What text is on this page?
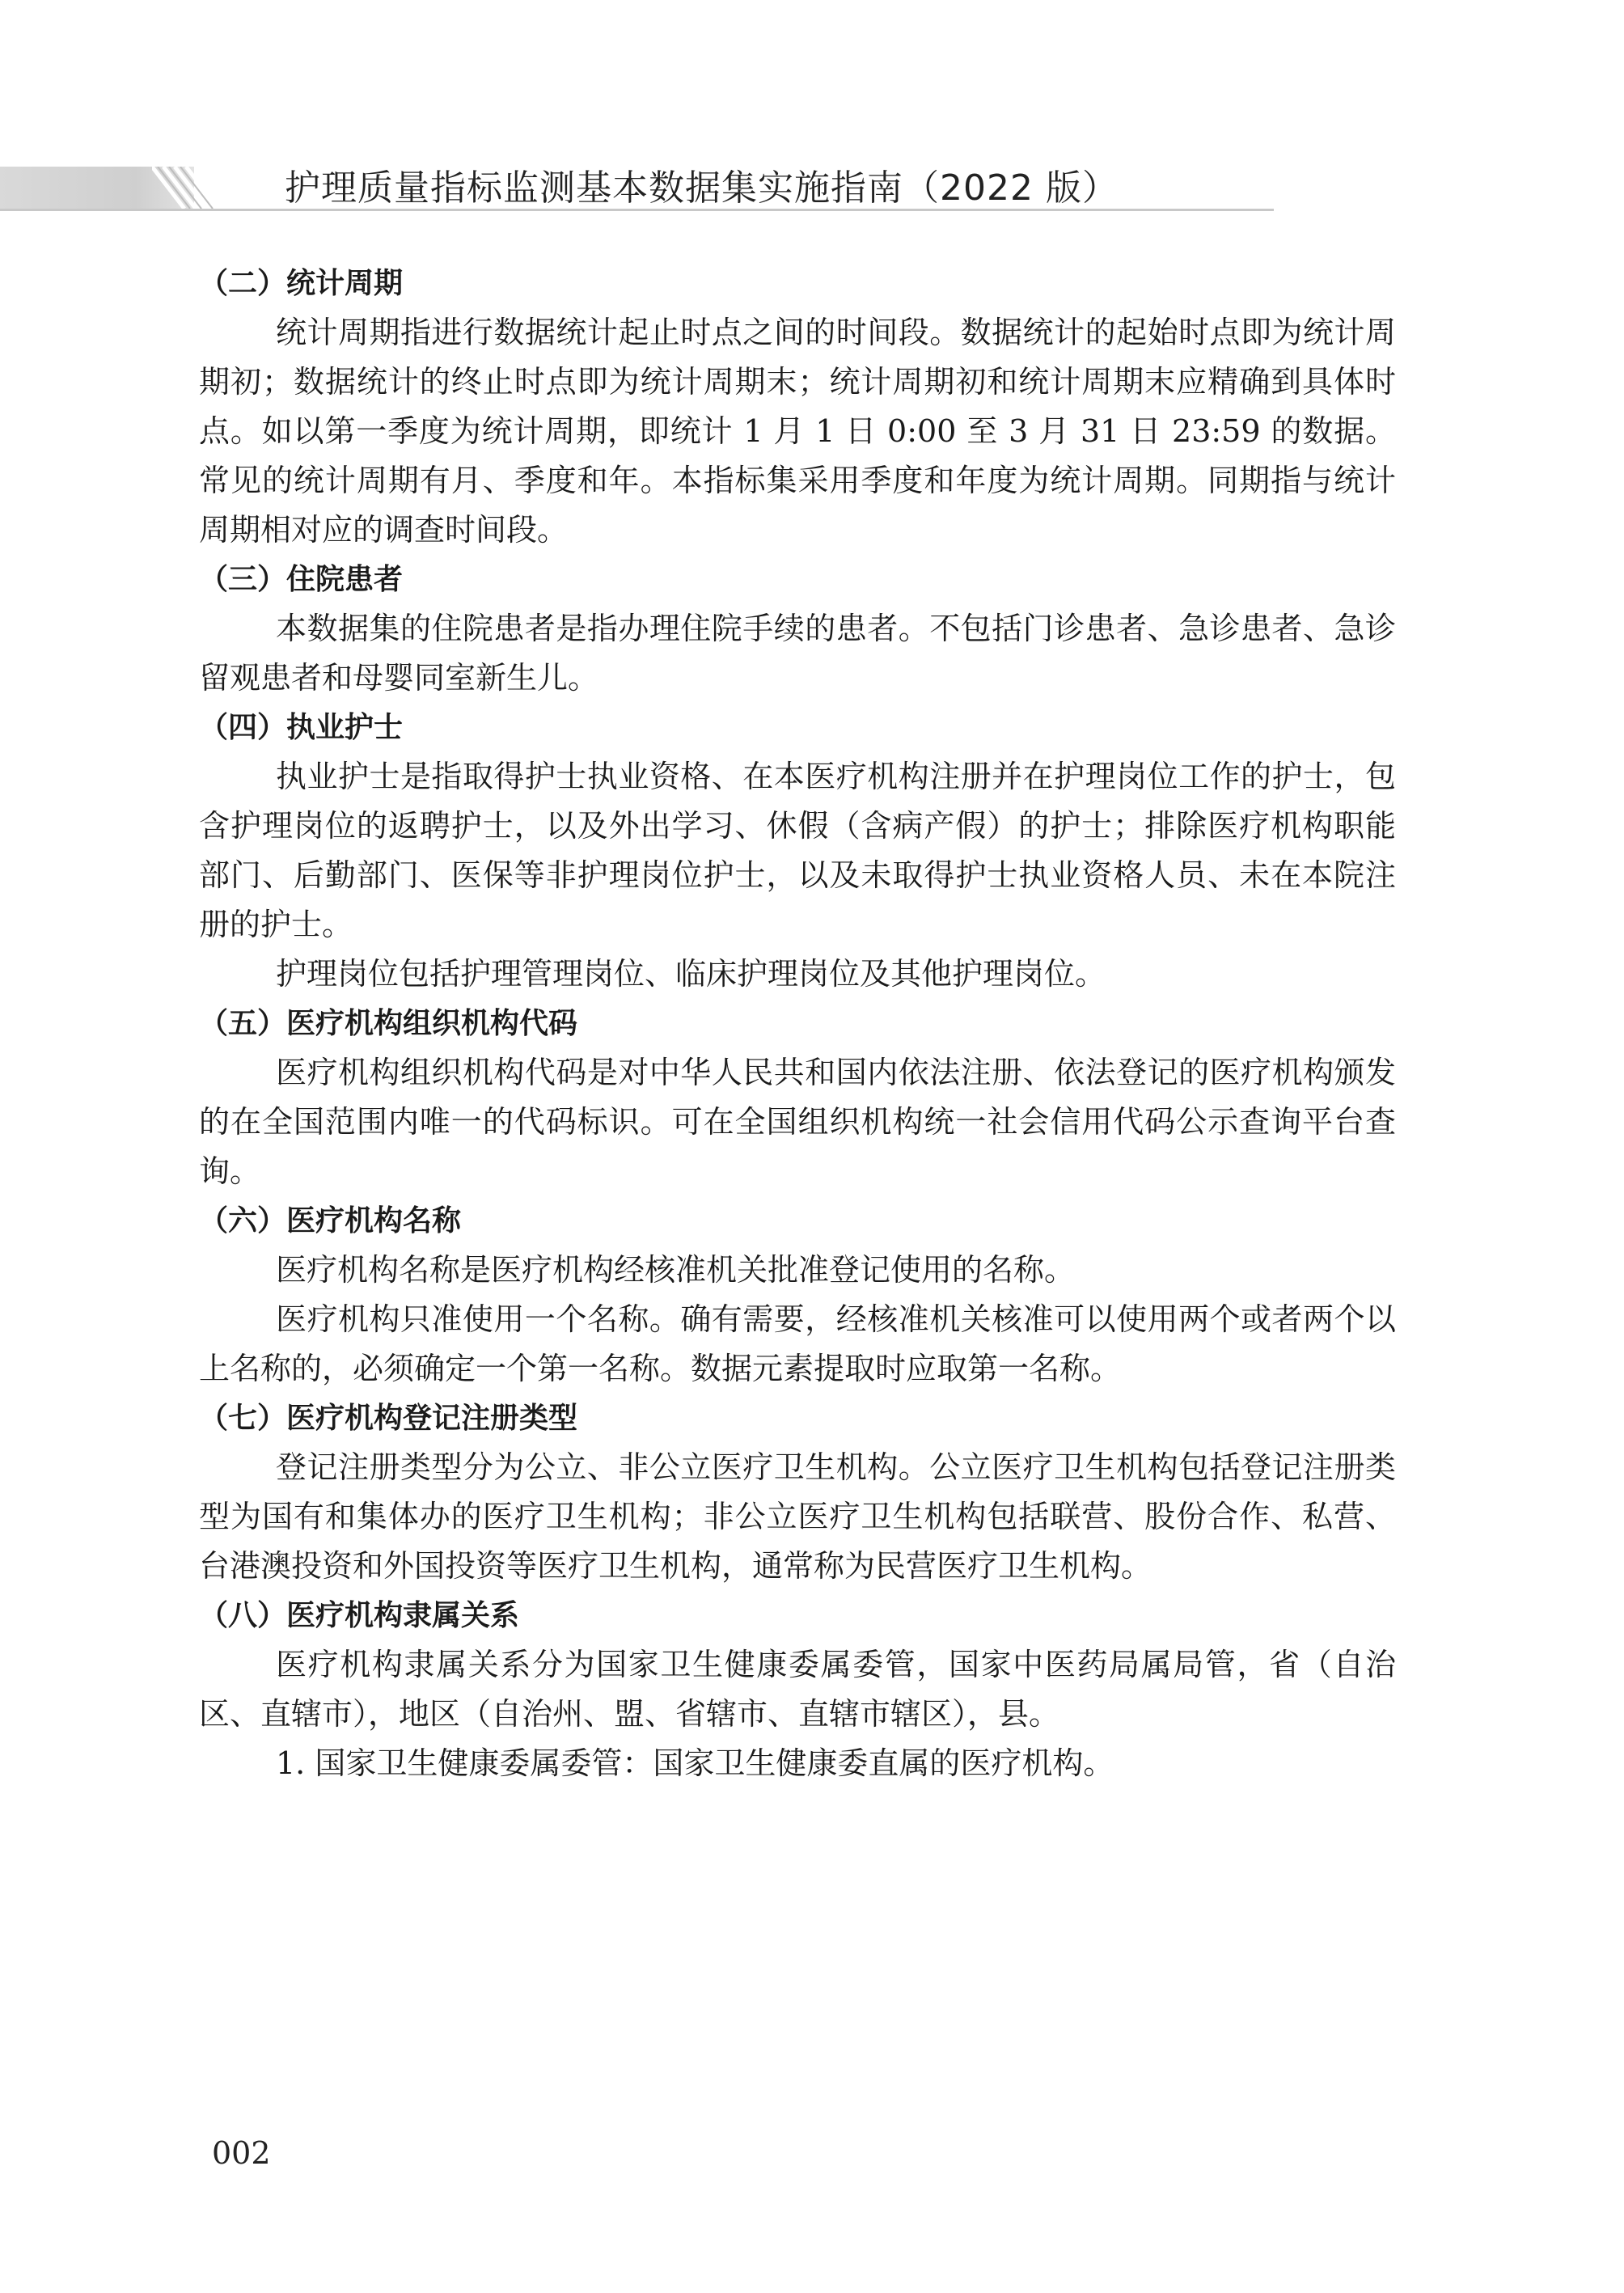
护理质量指标监测基本数据集实施指南（2022 版）
（二）统计周期

统计周期指进行数据统计起止时点之间的时间段。数据统计的起始时点即为统计周期初；数据统计的终止时点即为统计周期末；统计周期初和统计周期末应精确到具体时点。如以第一季度为统计周期，即统计 1 月 1 日 0:00 至 3 月 31 日 23:59 的数据。常见的统计周期有月、季度和年。本指标集采用季度和年度为统计周期。同期指与统计周期相对应的调查时间段。

（三）住院患者

本数据集的住院患者是指办理住院手续的患者。不包括门诊患者、急诊患者、急诊留观患者和母婴同室新生儿。

（四）执业护士

执业护士是指取得护士执业资格、在本医疗机构注册并在护理岗位工作的护士，包含护理岗位的返聘护士，以及外出学习、休假（含病产假）的护士；排除医疗机构职能部门、后勤部门、医保等非护理岗位护士，以及未取得护士执业资格人员、未在本院注册的护士。

护理岗位包括护理管理岗位、临床护理岗位及其他护理岗位。

（五）医疗机构组织机构代码

医疗机构组织机构代码是对中华人民共和国内依法注册、依法登记的医疗机构颁发的在全国范围内唯一的代码标识。可在全国组织机构统一社会信用代码公示查询平台查询。

（六）医疗机构名称

医疗机构名称是医疗机构经核准机关批准登记使用的名称。

医疗机构只准使用一个名称。确有需要，经核准机关核准可以使用两个或者两个以上名称的，必须确定一个第一名称。数据元素提取时应取第一名称。

（七）医疗机构登记注册类型

登记注册类型分为公立、非公立医疗卫生机构。公立医疗卫生机构包括登记注册类型为国有和集体办的医疗卫生机构；非公立医疗卫生机构包括联营、股份合作、私营、台港澳投资和外国投资等医疗卫生机构，通常称为民营医疗卫生机构。

（八）医疗机构隶属关系

医疗机构隶属关系分为国家卫生健康委属委管，国家中医药局属局管，省（自治区、直辖市），地区（自治州、盟、省辖市、直辖市辖区），县。

1. 国家卫生健康委属委管：国家卫生健康委直属的医疗机构。

002
